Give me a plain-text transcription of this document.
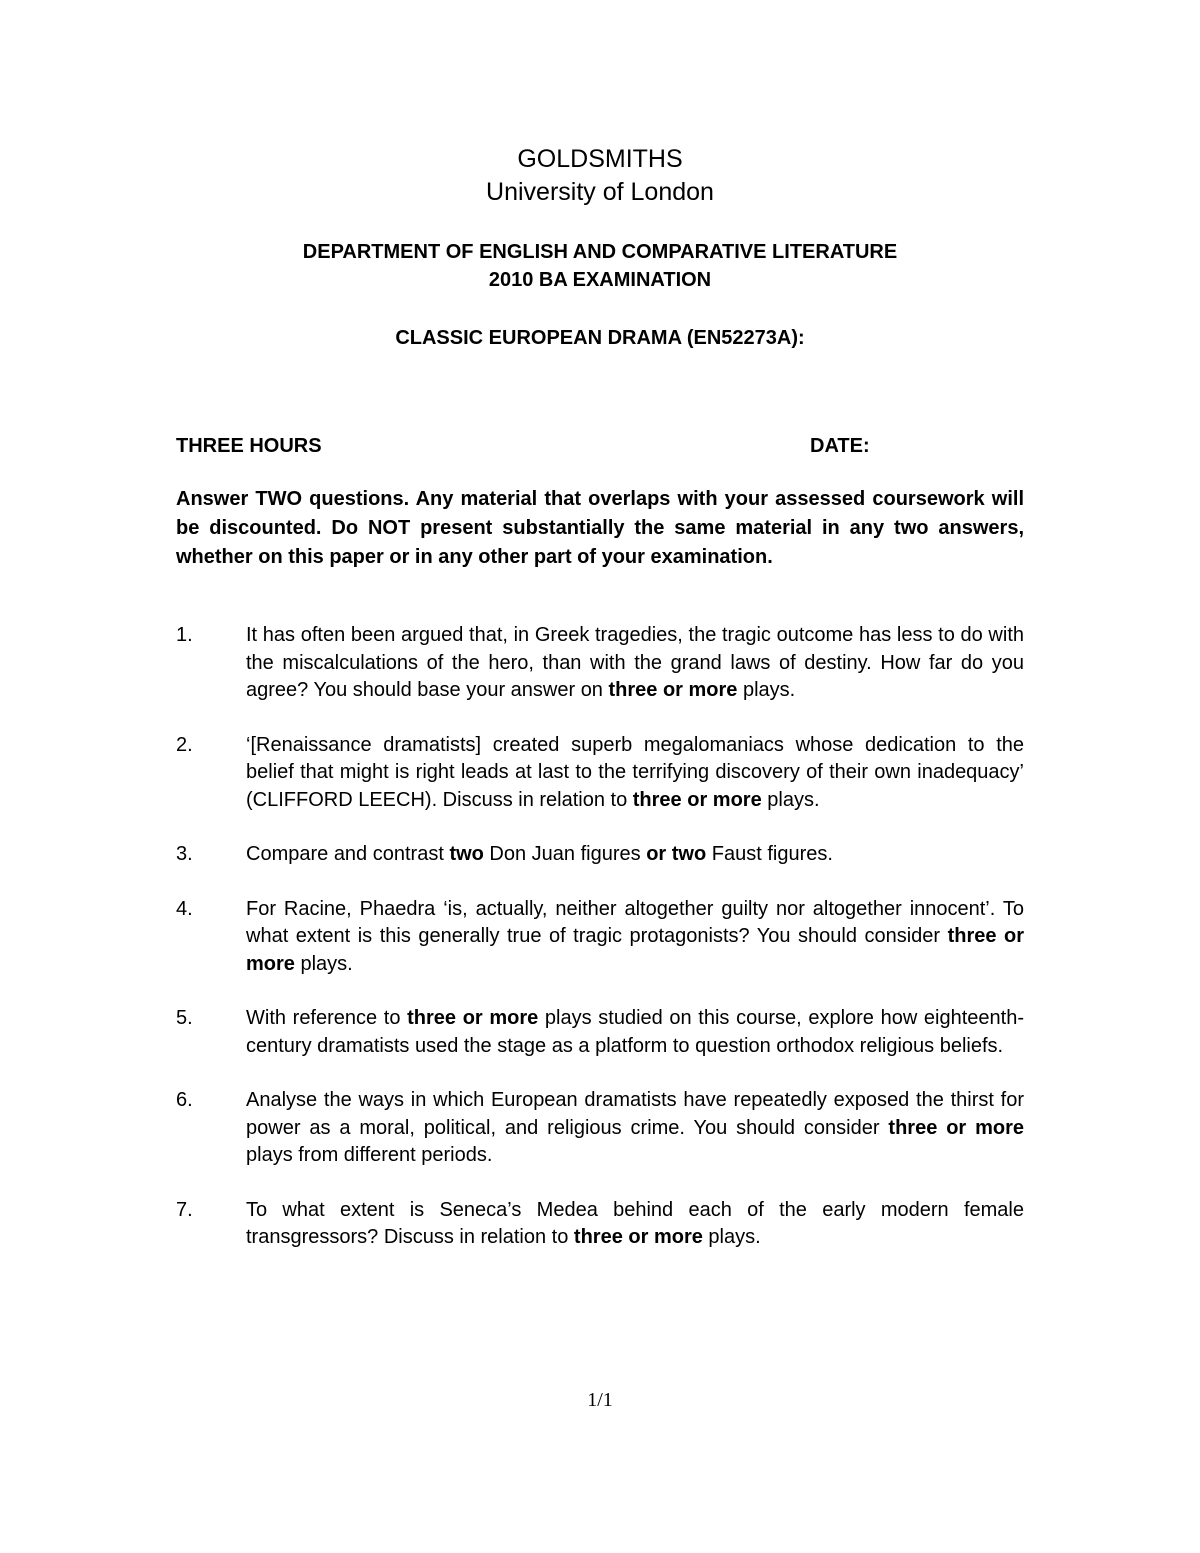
GOLDSMITHS
University of London
DEPARTMENT OF ENGLISH AND COMPARATIVE LITERATURE
2010 BA EXAMINATION
CLASSIC EUROPEAN DRAMA (EN52273A):
THREE HOURS	DATE:

Answer TWO questions. Any material that overlaps with your assessed coursework will be discounted. Do NOT present substantially the same material in any two answers, whether on this paper or in any other part of your examination.

1.	It has often been argued that, in Greek tragedies, the tragic outcome has less to do with the miscalculations of the hero, than with the grand laws of destiny. How far do you agree? You should base your answer on three or more plays.
2.	‘[Renaissance dramatists] created superb megalomaniacs whose dedication to the belief that might is right leads at last to the terrifying discovery of their own inadequacy’ (CLIFFORD LEECH). Discuss in relation to three or more plays.
3.	Compare and contrast two Don Juan figures or two Faust figures.
4.	For Racine, Phaedra ‘is, actually, neither altogether guilty nor altogether innocent’. To what extent is this generally true of tragic protagonists? You should consider three or more plays.
5.	With reference to three or more plays studied on this course, explore how eighteenth-century dramatists used the stage as a platform to question orthodox religious beliefs.
6.	Analyse the ways in which European dramatists have repeatedly exposed the thirst for power as a moral, political, and religious crime. You should consider three or more plays from different periods.
7.	To what extent is Seneca’s Medea behind each of the early modern female transgressors? Discuss in relation to three or more plays.
1/1
